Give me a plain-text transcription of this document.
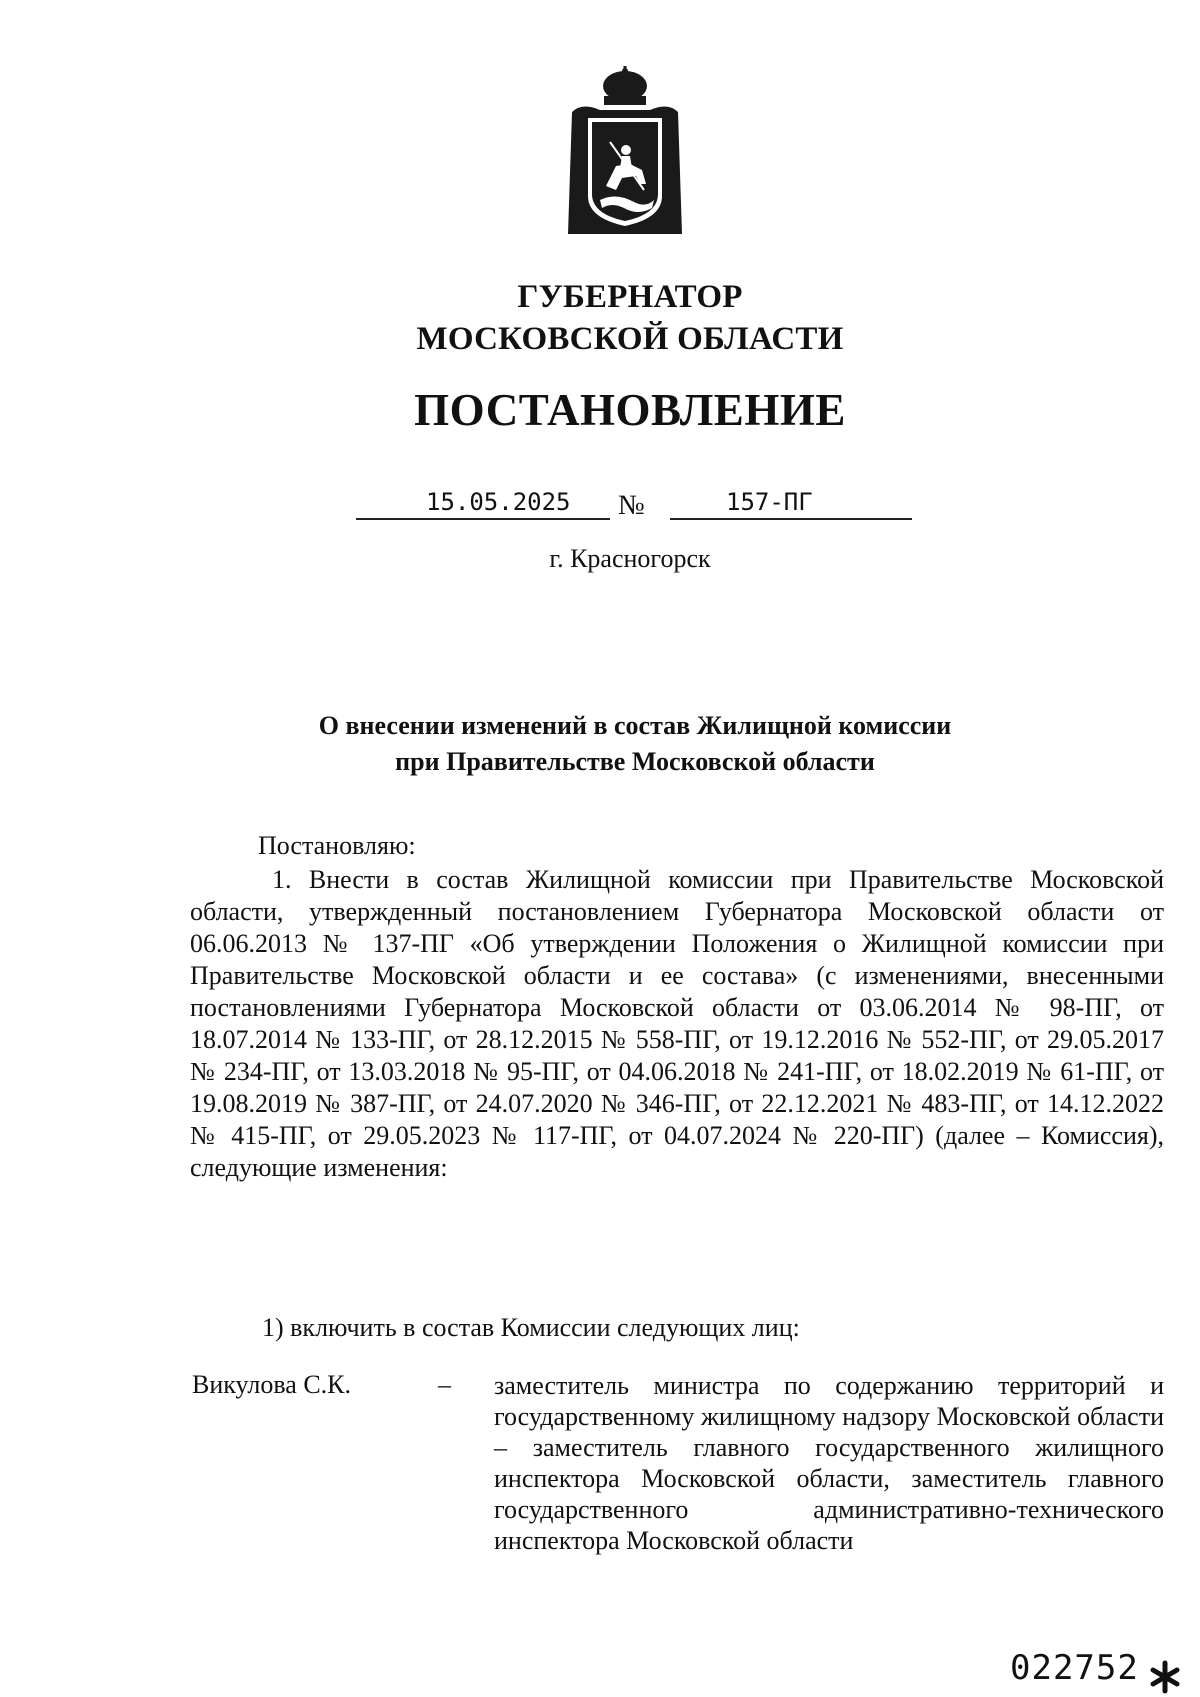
ГУБЕРНАТОР
МОСКОВСКОЙ ОБЛАСТИ
ПОСТАНОВЛЕНИЕ
15.05.2025 №	157-ПГ
г. Красногорск
О внесении изменений в состав Жилищной комиссии
при Правительстве Московской области
Постановляю:

1. Внести в состав Жилищной комиссии при Правительстве Московской области, утвержденный постановлением Губернатора Московской области от 06.06.2013 № 137-ПГ «Об утверждении Положения о Жилищной комиссии при Правительстве Московской области и ее состава» (с изменениями, внесенными постановлениями Губернатора Московской области от 03.06.2014 № 98-ПГ, от 18.07.2014 № 133-ПГ, от 28.12.2015 № 558-ПГ, от 19.12.2016 № 552-ПГ, от 29.05.2017 № 234-ПГ, от 13.03.2018 № 95-ПГ, от 04.06.2018 № 241-ПГ, от 18.02.2019 № 61-ПГ, от 19.08.2019 № 387-ПГ, от 24.07.2020 № 346-ПГ, от 22.12.2021 № 483-ПГ, от 14.12.2022 № 415-ПГ, от 29.05.2023 № 117-ПГ, от 04.07.2024 № 220-ПГ) (далее – Комиссия), следующие изменения:

1) включить в состав Комиссии следующих лиц:
Викулова С.К.	– заместитель министра по содержанию территорий и государственному жилищному надзору Московской области – заместитель главного государственного жилищного инспектора Московской области, заместитель главного государственного административно-технического инспектора Московской области
022752
